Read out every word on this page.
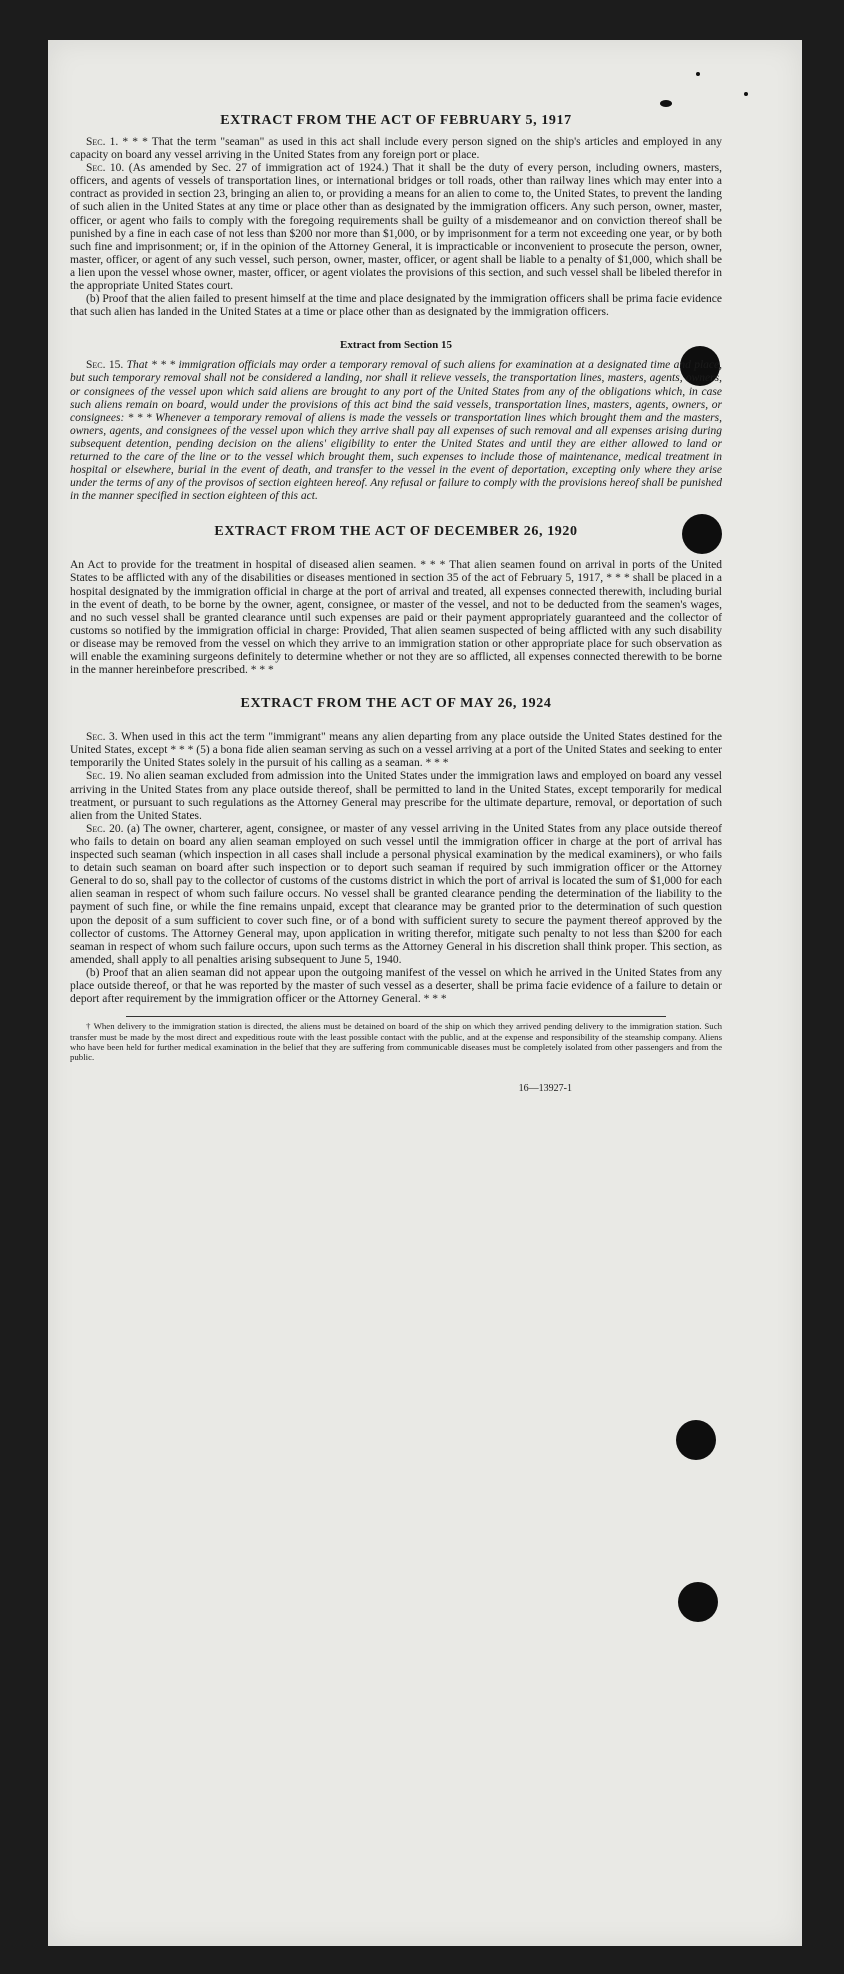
EXTRACT FROM THE ACT OF FEBRUARY 5, 1917

Sec. 1. * * * That the term "seaman" as used in this act shall include every person signed on the ship's articles and employed in any capacity on board any vessel arriving in the United States from any foreign port or place.

Sec. 10. (As amended by Sec. 27 of immigration act of 1924.) That it shall be the duty of every person, including owners, masters, officers, and agents of vessels of transportation lines, or international bridges or toll roads, other than railway lines which may enter into a contract as provided in section 23, bringing an alien to, or providing a means for an alien to come to, the United States, to prevent the landing of such alien in the United States at any time or place other than as designated by the immigration officers. Any such person, owner, master, officer, or agent who fails to comply with the foregoing requirements shall be guilty of a misdemeanor and on conviction thereof shall be punished by a fine in each case of not less than $200 nor more than $1,000, or by imprisonment for a term not exceeding one year, or by both such fine and imprisonment; or, if in the opinion of the Attorney General, it is impracticable or inconvenient to prosecute the person, owner, master, officer, or agent of any such vessel, such person, owner, master, officer, or agent shall be liable to a penalty of $1,000, which shall be a lien upon the vessel whose owner, master, officer, or agent violates the provisions of this section, and such vessel shall be libeled therefor in the appropriate United States court.

(b) Proof that the alien failed to present himself at the time and place designated by the immigration officers shall be prima facie evidence that such alien has landed in the United States at a time or place other than as designated by the immigration officers.

Extract from Section 15

Sec. 15. That * * * immigration officials may order a temporary removal of such aliens for examination at a designated time and place, but such temporary removal shall not be considered a landing, nor shall it relieve vessels, the transportation lines, masters, agents, owners, or consignees of the vessel upon which said aliens are brought to any port of the United States from any of the obligations which, in case such aliens remain on board, would under the provisions of this act bind the said vessels, transportation lines, masters, agents, owners, or consignees: * * * Whenever a temporary removal of aliens is made the vessels or transportation lines which brought them and the masters, owners, agents, and consignees of the vessel upon which they arrive shall pay all expenses of such removal and all expenses arising during subsequent detention, pending decision on the aliens' eligibility to enter the United States and until they are either allowed to land or returned to the care of the line or to the vessel which brought them, such expenses to include those of maintenance, medical treatment in hospital or elsewhere, burial in the event of death, and transfer to the vessel in the event of deportation, excepting only where they arise under the terms of any of the provisos of section eighteen hereof. Any refusal or failure to comply with the provisions hereof shall be punished in the manner specified in section eighteen of this act.

EXTRACT FROM THE ACT OF DECEMBER 26, 1920

An Act to provide for the treatment in hospital of diseased alien seamen. * * * That alien seamen found on arrival in ports of the United States to be afflicted with any of the disabilities or diseases mentioned in section 35 of the act of February 5, 1917, * * * shall be placed in a hospital designated by the immigration official in charge at the port of arrival and treated, all expenses connected therewith, including burial in the event of death, to be borne by the owner, agent, consignee, or master of the vessel, and not to be deducted from the seamen's wages, and no such vessel shall be granted clearance until such expenses are paid or their payment appropriately guaranteed and the collector of customs so notified by the immigration official in charge: Provided, That alien seamen suspected of being afflicted with any such disability or disease may be removed from the vessel on which they arrive to an immigration station or other appropriate place for such observation as will enable the examining surgeons definitely to determine whether or not they are so afflicted, all expenses connected therewith to be borne in the manner hereinbefore prescribed. * * *

EXTRACT FROM THE ACT OF MAY 26, 1924

Sec. 3. When used in this act the term "immigrant" means any alien departing from any place outside the United States destined for the United States, except * * * (5) a bona fide alien seaman serving as such on a vessel arriving at a port of the United States and seeking to enter temporarily the United States solely in the pursuit of his calling as a seaman. * * *

Sec. 19. No alien seaman excluded from admission into the United States under the immigration laws and employed on board any vessel arriving in the United States from any place outside thereof, shall be permitted to land in the United States, except temporarily for medical treatment, or pursuant to such regulations as the Attorney General may prescribe for the ultimate departure, removal, or deportation of such alien from the United States.

Sec. 20. (a) The owner, charterer, agent, consignee, or master of any vessel arriving in the United States from any place outside thereof who fails to detain on board any alien seaman employed on such vessel until the immigration officer in charge at the port of arrival has inspected such seaman (which inspection in all cases shall include a personal physical examination by the medical examiners), or who fails to detain such seaman on board after such inspection or to deport such seaman if required by such immigration officer or the Attorney General to do so, shall pay to the collector of customs of the customs district in which the port of arrival is located the sum of $1,000 for each alien seaman in respect of whom such failure occurs. No vessel shall be granted clearance pending the determination of the liability to the payment of such fine, or while the fine remains unpaid, except that clearance may be granted prior to the determination of such question upon the deposit of a sum sufficient to cover such fine, or of a bond with sufficient surety to secure the payment thereof approved by the collector of customs. The Attorney General may, upon application in writing therefor, mitigate such penalty to not less than $200 for each seaman in respect of whom such failure occurs, upon such terms as the Attorney General in his discretion shall think proper. This section, as amended, shall apply to all penalties arising subsequent to June 5, 1940.

(b) Proof that an alien seaman did not appear upon the outgoing manifest of the vessel on which he arrived in the United States from any place outside thereof, or that he was reported by the master of such vessel as a deserter, shall be prima facie evidence of a failure to detain or deport after requirement by the immigration officer or the Attorney General. * * *

† When delivery to the immigration station is directed, the aliens must be detained on board of the ship on which they arrived pending delivery to the immigration station. Such transfer must be made by the most direct and expeditious route with the least possible contact with the public, and at the expense and responsibility of the steamship company. Aliens who have been held for further medical examination in the belief that they are suffering from communicable diseases must be completely isolated from other passengers and from the public.

16—13927-1
